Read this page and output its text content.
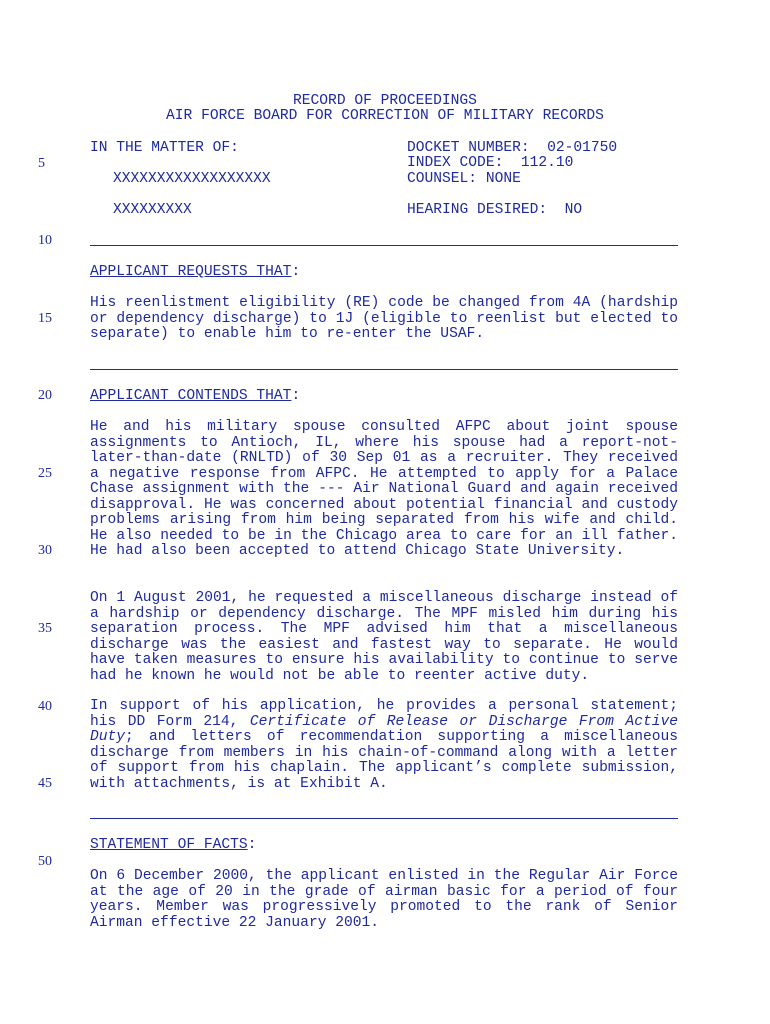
RECORD OF PROCEEDINGS
AIR FORCE BOARD FOR CORRECTION OF MILITARY RECORDS
IN THE MATTER OF:	DOCKET NUMBER:  02-01750
INDEX CODE:  112.10
XXXXXXXXXXXXXXXXXX	COUNSEL: NONE
XXXXXXXXX	HEARING DESIRED:  NO
APPLICANT REQUESTS THAT:
His reenlistment eligibility (RE) code be changed from 4A (hardship or dependency discharge) to 1J (eligible to reenlist but elected to separate) to enable him to re-enter the USAF.
APPLICANT CONTENDS THAT:
He and his military spouse consulted AFPC about joint spouse assignments to Antioch, IL, where his spouse had a report-not-later-than-date (RNLTD) of 30 Sep 01 as a recruiter. They received a negative response from AFPC. He attempted to apply for a Palace Chase assignment with the --- Air National Guard and again received disapproval. He was concerned about potential financial and custody problems arising from him being separated from his wife and child. He also needed to be in the Chicago area to care for an ill father. He had also been accepted to attend Chicago State University.
On 1 August 2001, he requested a miscellaneous discharge instead of a hardship or dependency discharge. The MPF misled him during his separation process. The MPF advised him that a miscellaneous discharge was the easiest and fastest way to separate. He would have taken measures to ensure his availability to continue to serve had he known he would not be able to reenter active duty.
In support of his application, he provides a personal statement; his DD Form 214, Certificate of Release or Discharge From Active Duty; and letters of recommendation supporting a miscellaneous discharge from members in his chain-of-command along with a letter of support from his chaplain. The applicant’s complete submission, with attachments, is at Exhibit A.
STATEMENT OF FACTS:
On 6 December 2000, the applicant enlisted in the Regular Air Force at the age of 20 in the grade of airman basic for a period of four years. Member was progressively promoted to the rank of Senior Airman effective 22 January 2001.
5
10
15
20
25
30
35
40
45
50
